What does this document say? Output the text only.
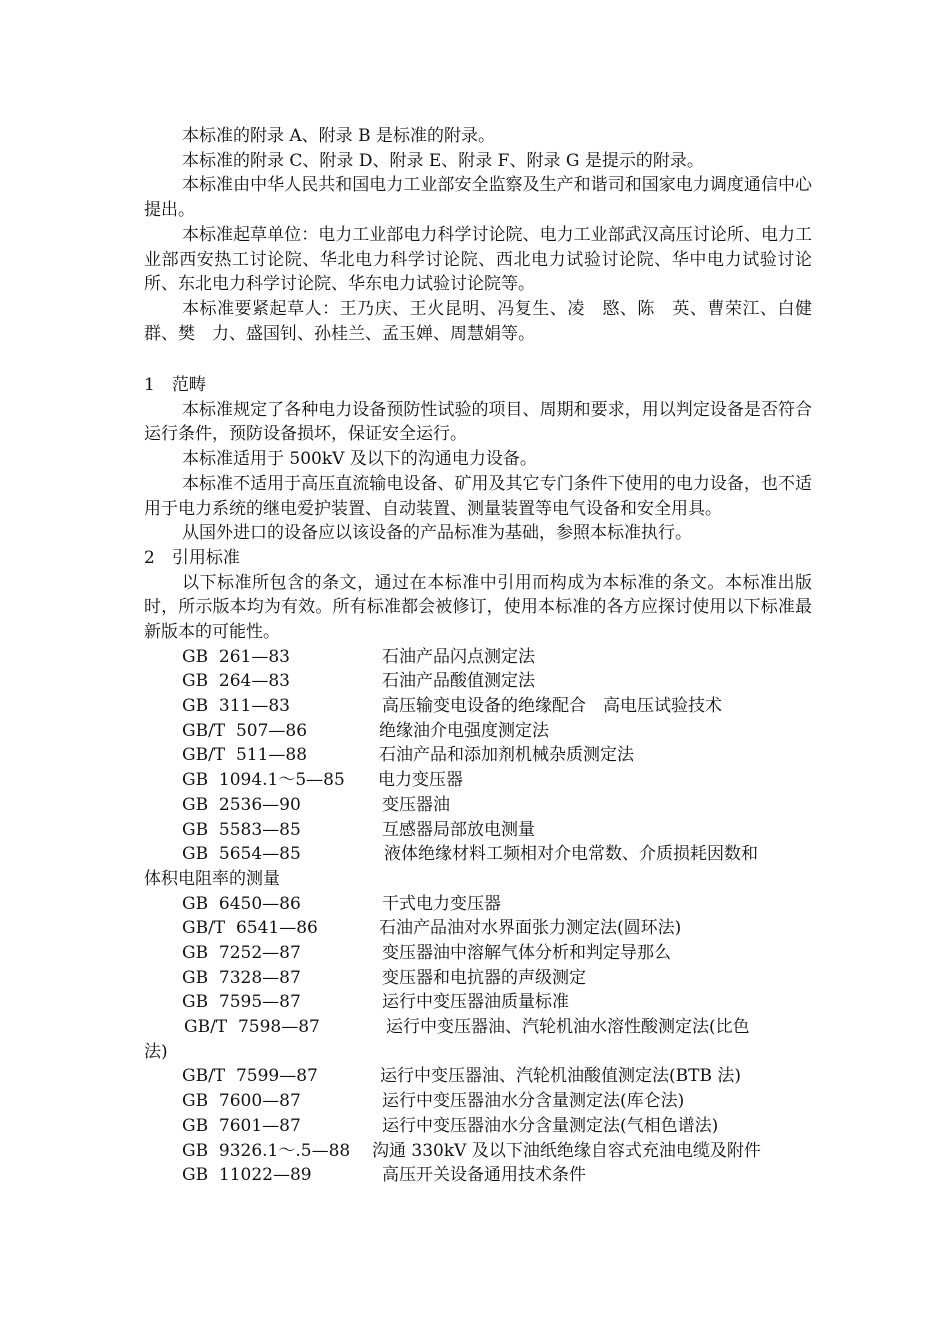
本标准的附录 A、附录 B 是标准的附录。

本标准的附录 C、附录 D、附录 E、附录 F、附录 G 是提示的附录。

本标准由中华人民共和国电力工业部安全监察及生产和谐司和国家电力调度通信中心提出。

本标准起草单位：电力工业部电力科学讨论院、电力工业部武汉高压讨论所、电力工业部西安热工讨论院、华北电力科学讨论院、西北电力试验讨论院、华中电力试验讨论所、东北电力科学讨论院、华东电力试验讨论院等。

本标准要紧起草人：王乃庆、王火昆明、冯复生、凌　愍、陈　英、曹荣江、白健群、樊　力、盛国钊、孙桂兰、孟玉婵、周慧娟等。

1　范畴

本标准规定了各种电力设备预防性试验的项目、周期和要求，用以判定设备是否符合运行条件，预防设备损坏，保证安全运行。

本标准适用于 500kV 及以下的沟通电力设备。

本标准不适用于高压直流输电设备、矿用及其它专门条件下使用的电力设备，也不适用于电力系统的继电爱护装置、自动装置、测量装置等电气设备和安全用具。

从国外进口的设备应以该设备的产品标准为基础，参照本标准执行。

2　引用标准

以下标准所包含的条文，通过在本标准中引用而构成为本标准的条文。本标准出版时，所示版本均为有效。所有标准都会被修订，使用本标准的各方应探讨使用以下标准最新版本的可能性。

GB  261—83	石油产品闪点测定法
GB  264—83	石油产品酸值测定法
GB  311—83	高压输变电设备的绝缘配合　高电压试验技术
GB/T  507—86	绝缘油介电强度测定法
GB/T  511—88	石油产品和添加剂机械杂质测定法
GB  1094.1～5—85 电力变压器
GB  2536—90	变压器油
GB  5583—85	互感器局部放电测量
GB  5654—85	液体绝缘材料工频相对介电常数、介质损耗因数和
体积电阻率的测量
GB  6450—86	干式电力变压器
GB/T  6541—86	石油产品油对水界面张力测定法(圆环法)
GB  7252—87	变压器油中溶解气体分析和判定导那么
GB  7328—87	变压器和电抗器的声级测定
GB  7595—87	运行中变压器油质量标准
GB/T  7598—87	运行中变压器油、汽轮机油水溶性酸测定法(比色
法)
GB/T  7599—87	运行中变压器油、汽轮机油酸值测定法(BTB 法)
GB  7600—87	运行中变压器油水分含量测定法(库仑法)
GB  7601—87	运行中变压器油水分含量测定法(气相色谱法)
GB  9326.1～.5—88 沟通 330kV 及以下油纸绝缘自容式充油电缆及附件
GB  11022—89	高压开关设备通用技术条件
